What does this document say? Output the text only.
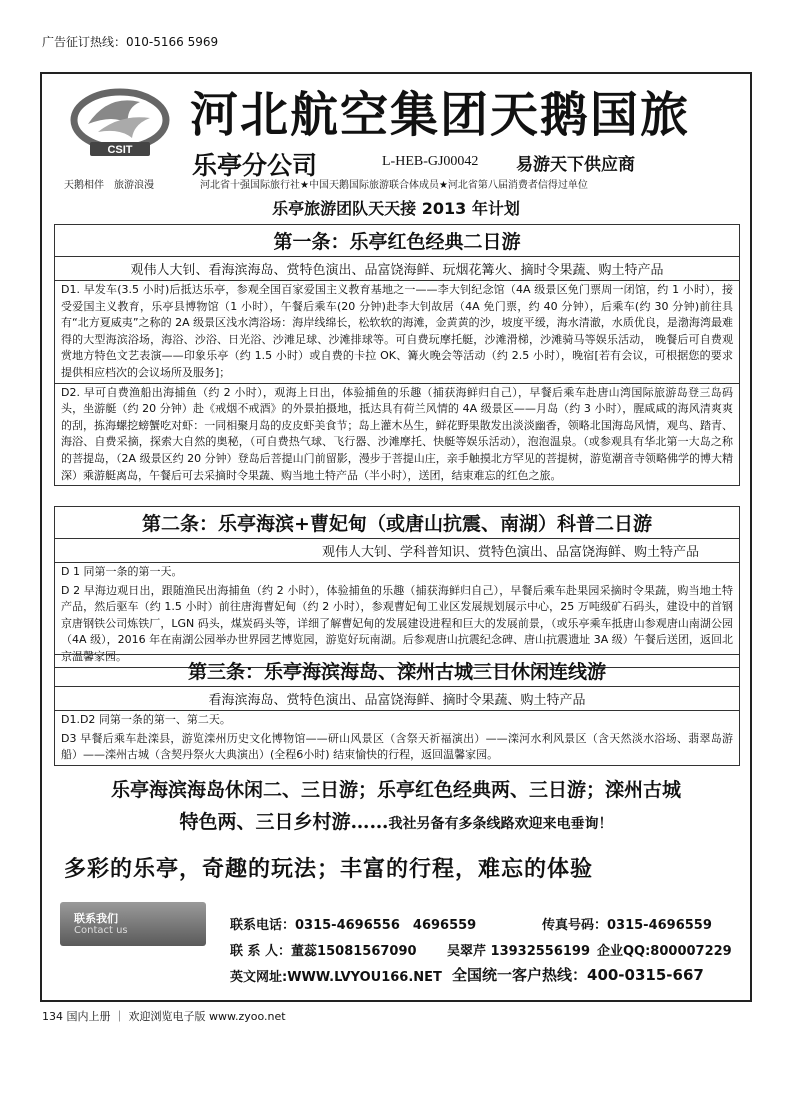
广告征订热线：010-5166 5969
CSIT
河北航空集团天鹅国旅
乐亭分公司	L-HEB-GJ00042 易游天下供应商
天鹅相伴　旅游浪漫	河北省十强国际旅行社★中国天鹅国际旅游联合体成员★河北省第八届消费者信得过单位
乐亭旅游团队天天接 2013 年计划
第一条：乐亭红色经典二日游
观伟人大钊、看海滨海岛、赏特色演出、品富饶海鲜、玩烟花篝火、摘时令果蔬、购土特产品
D1. 早发车(3.5 小时)后抵达乐亭，参观全国百家爱国主义教育基地之一——李大钊纪念馆（4A 级景区免门票周一闭馆，约 1 小时），接受爱国主义教育，乐亭县博物馆（1 小时），午餐后乘车(20 分钟)赴李大钊故居（4A 免门票，约 40 分钟），后乘车(约 30 分钟)前往具有“北方夏威夷”之称的 2A 级景区浅水湾浴场：海岸线绵长，松软软的海滩，金黄黄的沙，坡度平缓，海水清澈，水质优良，是渤海湾最难得的大型海滨浴场，海浴、沙浴、日光浴、沙滩足球、沙滩排球等。可自费玩摩托艇，沙滩滑梯，沙滩骑马等娱乐活动， 晚餐后可自费观赏地方特色文艺表演——印象乐亭（约 1.5 小时）或自费的卡拉 OK、篝火晚会等活动（约 2.5 小时），晚宿[若有会议，可根据您的要求提供相应档次的会议场所及服务]；
D2. 早可自费渔船出海捕鱼（约 2 小时），观海上日出，体验捕鱼的乐趣（捕获海鲜归自己），早餐后乘车赴唐山湾国际旅游岛登三岛码头，坐游艇（约 20 分钟）赴《戒烟不戒酒》的外景拍摄地，抵达具有荷兰风情的 4A 级景区——月岛（约 3 小时），腥咸咸的海风清爽爽的刮，拣海螺挖螃蟹吃对虾：一同相聚月岛的皮皮虾美食节；岛上灌木丛生，鲜花野果散发出淡淡幽香，领略北国海岛风情，观鸟、踏青、海浴、自费采摘，探索大自然的奥秘，（可自费热气球、飞行器、沙滩摩托、快艇等娱乐活动），泡泡温泉。（或参观具有华北第一大岛之称的菩提岛，（2A 级景区约 20 分钟）登岛后菩提山门前留影，漫步于菩提山庄，亲手触摸北方罕见的菩提树，游览潮音寺领略佛学的博大精深）乘游艇离岛，午餐后可去采摘时令果蔬、购当地土特产品（半小时），送团，结束难忘的红色之旅。
第二条：乐亭海滨+曹妃甸（或唐山抗震、南湖）科普二日游
观伟人大钊、学科普知识、赏特色演出、品富饶海鲜、购土特产品
D 1 同第一条的第一天。
D 2 早海边观日出，跟随渔民出海捕鱼（约 2 小时），体验捕鱼的乐趣（捕获海鲜归自己），早餐后乘车赴果园采摘时令果蔬，购当地土特产品，然后驱车（约 1.5 小时）前往唐海曹妃甸（约 2 小时），参观曹妃甸工业区发展规划展示中心，25 万吨级矿石码头，建设中的首钢京唐钢铁公司炼铁厂，LGN 码头，煤炭码头等，详细了解曹妃甸的发展建设进程和巨大的发展前景，（或乐亭乘车抵唐山参观唐山南湖公园（4A 级），2016 年在南湖公园举办世界园艺博览园，游览好玩南湖。后参观唐山抗震纪念碑、唐山抗震遗址 3A 级）午餐后送团，返回北京温馨家园。
第三条：乐亭海滨海岛、滦州古城三日休闲连线游
看海滨海岛、赏特色演出、品富饶海鲜、摘时令果蔬、购土特产品
D1.D2 同第一条的第一、第二天。
D3 早餐后乘车赴滦县，游览滦州历史文化博物馆——研山风景区（含祭天祈福演出）——滦河水利风景区（含天然淡水浴场、翡翠岛游船）——滦州古城（含契丹祭火大典演出）(全程6小时) 结束愉快的行程，返回温馨家园。
乐亭海滨海岛休闲二、三日游；乐亭红色经典两、三日游；滦州古城
特色两、三日乡村游……我社另备有多条线路欢迎来电垂询！
多彩的乐亭，奇趣的玩法；丰富的行程，难忘的体验
联系我们
Contact us	联系电话：0315-4696556　4696559	传真号码：0315-4696559
联 系 人：董蕊15081567090 吴翠芹 13932556199 企业QQ:800007229
英文网址:WWW.LVYOU166.NET 全国统一客户热线：400-0315-667
134 国内上册 ｜ 欢迎浏览电子版 www.zyoo.net
